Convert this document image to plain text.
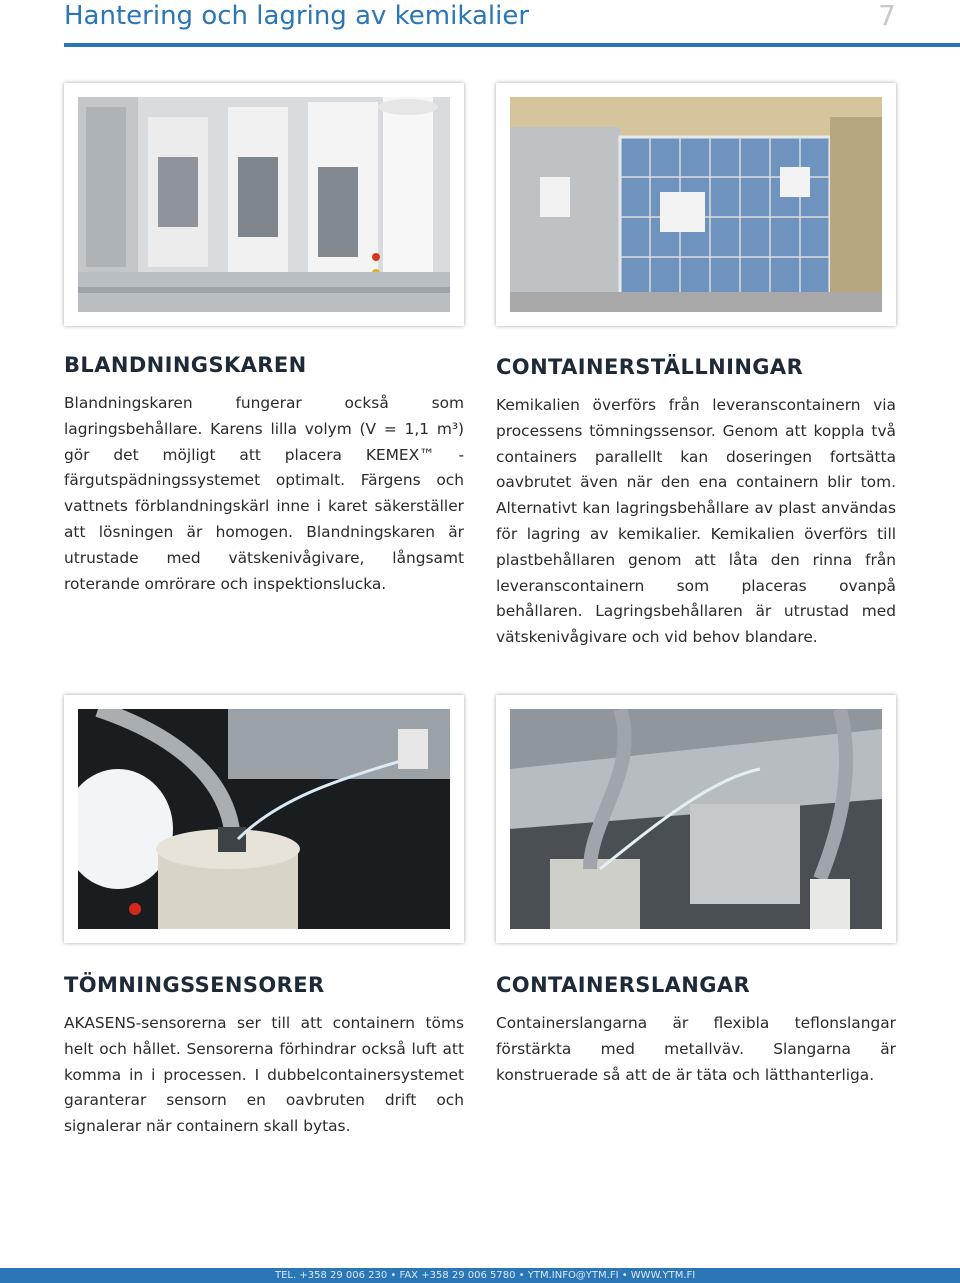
Hantering och lagring av kemikalier	7
BLANDNINGSKAREN

Blandningskaren fungerar också som lagringsbehållare. Karens lilla volym (V = 1,1 m³) gör det möjligt att placera KEMEX™ -färgutspädningssystemet optimalt. Färgens och vattnets förblandningskärl inne i karet säkerställer att lösningen är homogen. Blandningskaren är utrustade med vätskenivågivare, långsamt roterande omrörare och inspektionslucka.

CONTAINERSTÄLLNINGAR

Kemikalien överförs från leveranscontainern via processens tömningssensor. Genom att koppla två containers parallellt kan doseringen fortsätta oavbrutet även när den ena containern blir tom. Alternativt kan lagringsbehållare av plast användas för lagring av kemikalier. Kemikalien överförs till plastbehållaren genom att låta den rinna från leveranscontainern som placeras ovanpå behållaren. Lagringsbehållaren är utrustad med vätskenivågivare och vid behov blandare.

TÖMNINGSSENSORER

AKASENS-sensorerna ser till att containern töms helt och hållet. Sensorerna förhindrar också luft att komma in i processen. I dubbelcontainersystemet garanterar sensorn en oavbruten drift och signalerar när containern skall bytas.

CONTAINERSLANGAR

Containerslangarna är flexibla teflonslangar förstärkta med metallväv. Slangarna är konstruerade så att de är täta och lätthanterliga.

TEL. +358 29 006 230 • FAX +358 29 006 5780 • YTM.INFO@YTM.FI • WWW.YTM.FI
